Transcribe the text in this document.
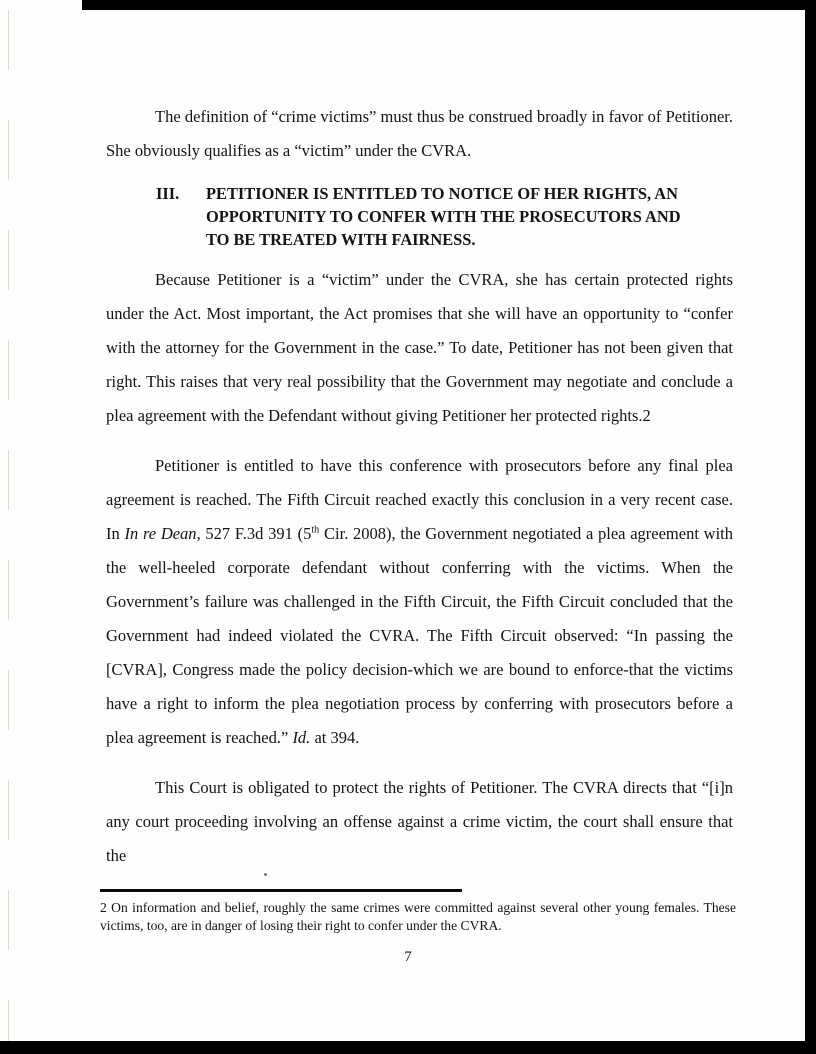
The definition of “crime victims” must thus be construed broadly in favor of Petitioner. She obviously qualifies as a “victim” under the CVRA.

III.	PETITIONER IS ENTITLED TO NOTICE OF HER RIGHTS, AN OPPORTUNITY TO CONFER WITH THE PROSECUTORS AND TO BE TREATED WITH FAIRNESS.

Because Petitioner is a “victim” under the CVRA, she has certain protected rights under the Act. Most important, the Act promises that she will have an opportunity to “confer with the attorney for the Government in the case.” To date, Petitioner has not been given that right. This raises that very real possibility that the Government may negotiate and conclude a plea agreement with the Defendant without giving Petitioner her protected rights.2

Petitioner is entitled to have this conference with prosecutors before any final plea agreement is reached. The Fifth Circuit reached exactly this conclusion in a very recent case. In In re Dean, 527 F.3d 391 (5th Cir. 2008), the Government negotiated a plea agreement with the well-heeled corporate defendant without conferring with the victims. When the Government’s failure was challenged in the Fifth Circuit, the Fifth Circuit concluded that the Government had indeed violated the CVRA. The Fifth Circuit observed: “In passing the [CVRA], Congress made the policy decision-which we are bound to enforce-that the victims have a right to inform the plea negotiation process by conferring with prosecutors before a plea agreement is reached.” Id. at 394.

This Court is obligated to protect the rights of Petitioner. The CVRA directs that “[i]n any court proceeding involving an offense against a crime victim, the court shall ensure that the

2 On information and belief, roughly the same crimes were committed against several other young females. These victims, too, are in danger of losing their right to confer under the CVRA.

7
